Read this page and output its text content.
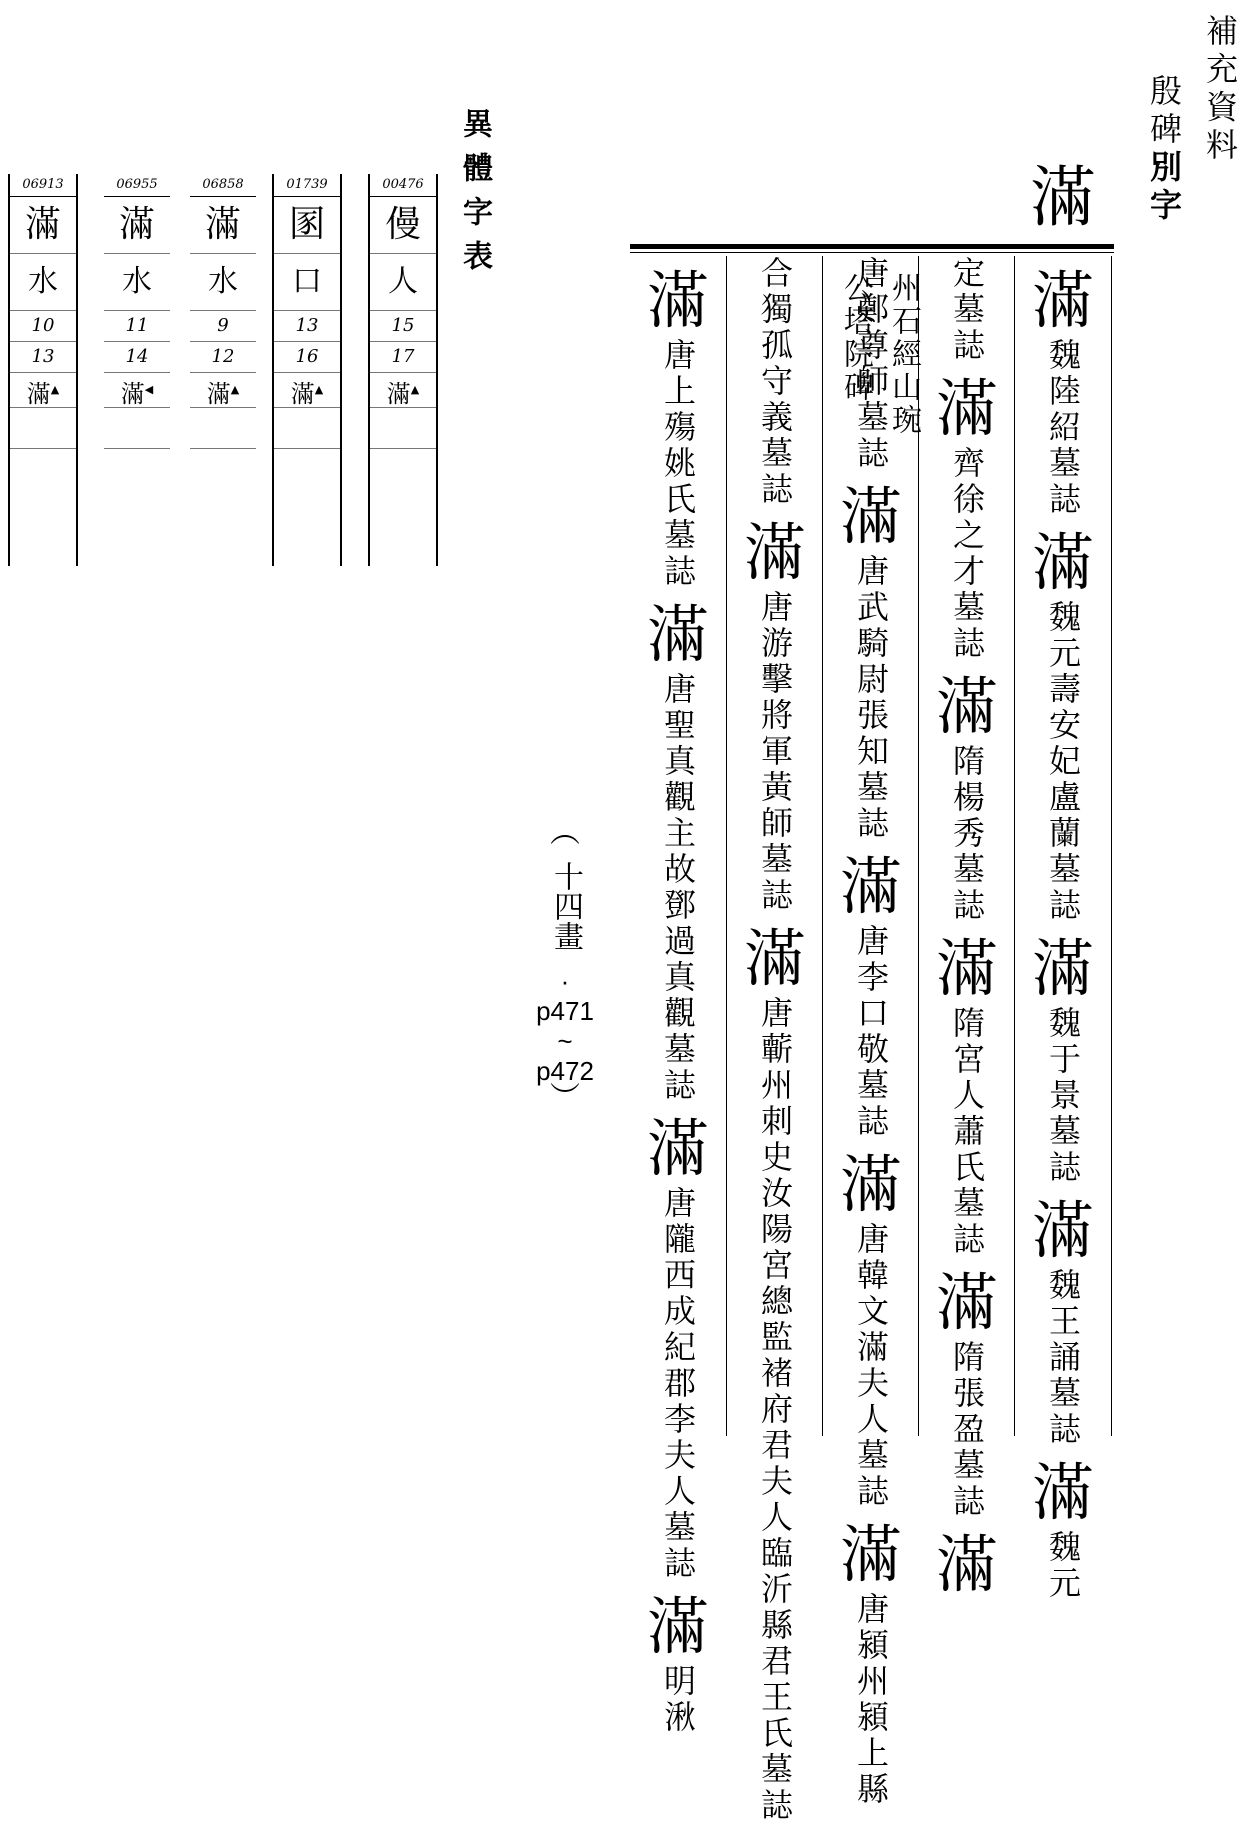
補充資料
殷碑別字
滿
滿
魏陸紹墓誌
滿
魏元壽安妃盧蘭墓誌
滿
魏于景墓誌
滿
魏王誦墓誌
滿
魏元
定墓誌
滿
齊徐之才墓誌
滿
隋楊秀墓誌
滿
隋宮人蕭氏墓誌
滿
隋張盈墓誌
滿
唐鄭尊師墓誌
滿
唐武騎尉張知墓誌
滿
唐李口敬墓誌
滿
唐韓文滿夫人墓誌
滿
唐潁州潁上縣
合獨孤守義墓誌
滿
唐游擊將軍黃師墓誌
滿
唐蘄州刺史汝陽宮總監褚府君夫人臨沂縣君王氏墓誌
滿
唐上殤姚氏墓誌
滿
唐聖真觀主故鄧過真觀墓誌
滿
唐隴西成紀郡李夫人墓誌
滿
明湫
州石經山琬
公塔院碑
︵
十四畫
·
p471
~
p472
︶
異體字表
06913
滿
水
10
13
滿▲
06955
滿
水
11
14
滿◀
06858
滿
水
9
12
滿▲
01739
圂
口
13
16
滿▲
00476
僈
人
15
17
滿▲
